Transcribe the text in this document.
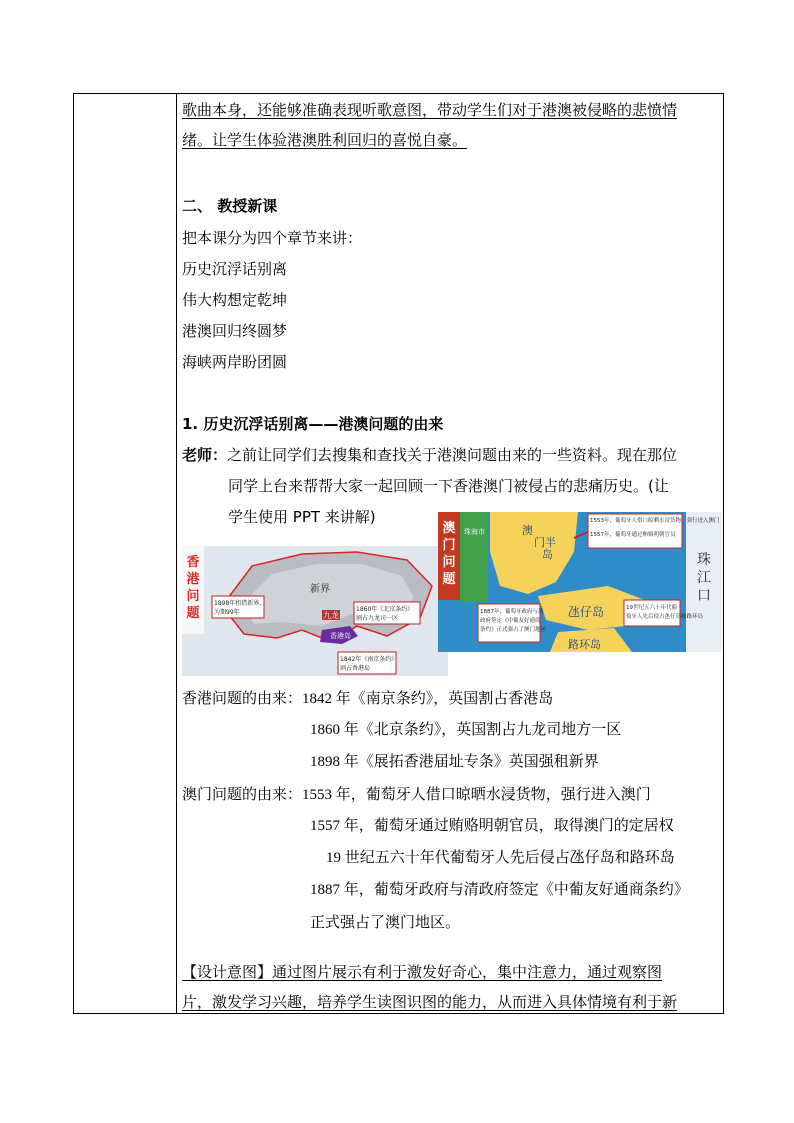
歌曲本身，还能够准确表现听歌意图，带动学生们对于港澳被侵略的悲愤情
绪。让学生体验港澳胜利回归的喜悦自豪。
二、 教授新课
把本课分为四个章节来讲：
历史沉浮话别离
伟大构想定乾坤
港澳回归终圆梦
海峡两岸盼团圆
1. 历史沉浮话别离——港澳问题的由来
老师：之前让同学们去搜集和查找关于港澳问题由来的一些资料。现在那位
同学上台来帮帮大家一起回顾一下香港澳门被侵占的悲痛历史。(让
学生使用 PPT 来讲解)
香
港
问
题
新界
九龙
香港岛
1898年租借新界,
为期99年	1860年《北京条约》
割占九龙司一区
1842年《南京条约》
割占香港岛
澳
门
问
题
珠海市	澳
门半
岛
氹仔岛
路环岛
珠
江
口
1553年，葡萄牙人借口晾晒水浸货物，强行进入澳门
1557年，葡萄牙通过贿赂明朝官员
1887年，葡萄牙政府与清
政府签定《中葡友好通商
条约》正式强占了澳门地区
19世纪五六十年代葡
萄牙人先后侵占氹仔岛和路环岛
香港问题的由来：1842 年《南京条约》，英国割占香港岛
1860 年《北京条约》，英国割占九龙司地方一区
1898 年《展拓香港届址专条》英国强租新界
澳门问题的由来：1553 年，葡萄牙人借口晾晒水浸货物，强行进入澳门
1557 年，葡萄牙通过贿赂明朝官员，取得澳门的定居权
19 世纪五六十年代葡萄牙人先后侵占氹仔岛和路环岛
1887 年，葡萄牙政府与清政府签定《中葡友好通商条约》
正式强占了澳门地区。
【设计意图】通过图片展示有利于激发好奇心，集中注意力，通过观察图
片，激发学习兴趣，培养学生读图识图的能力，从而进入具体情境有利于新
